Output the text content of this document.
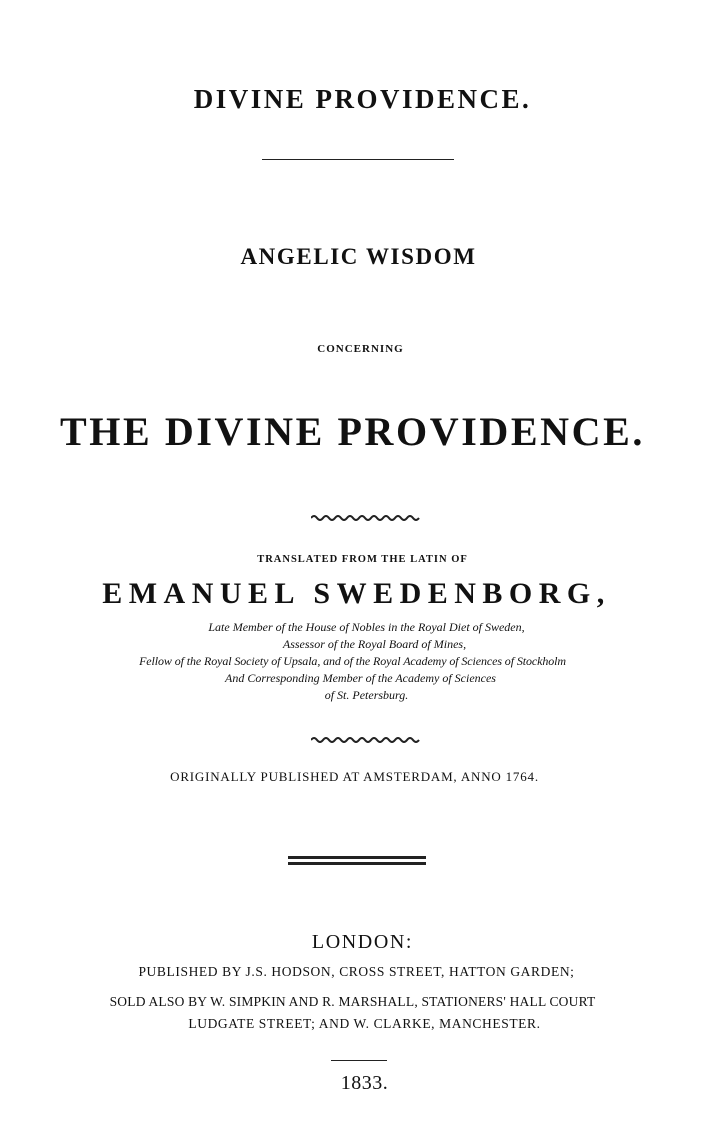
DIVINE PROVIDENCE.
ANGELIC WISDOM
CONCERNING
THE DIVINE PROVIDENCE.
TRANSLATED FROM THE LATIN OF
EMANUEL SWEDENBORG,
Late Member of the House of Nobles in the Royal Diet of Sweden,
Assessor of the Royal Board of Mines,
Fellow of the Royal Society of Upsala, and of the Royal Academy of Sciences of Stockholm
And Corresponding Member of the Academy of Sciences
of St. Petersburg.
ORIGINALLY PUBLISHED AT AMSTERDAM, ANNO 1764.
LONDON:
PUBLISHED BY J.S. HODSON, CROSS STREET, HATTON GARDEN;
SOLD ALSO BY W. SIMPKIN AND R. MARSHALL, STATIONERS' HALL COURT
LUDGATE STREET; AND W. CLARKE, MANCHESTER.
1833.
